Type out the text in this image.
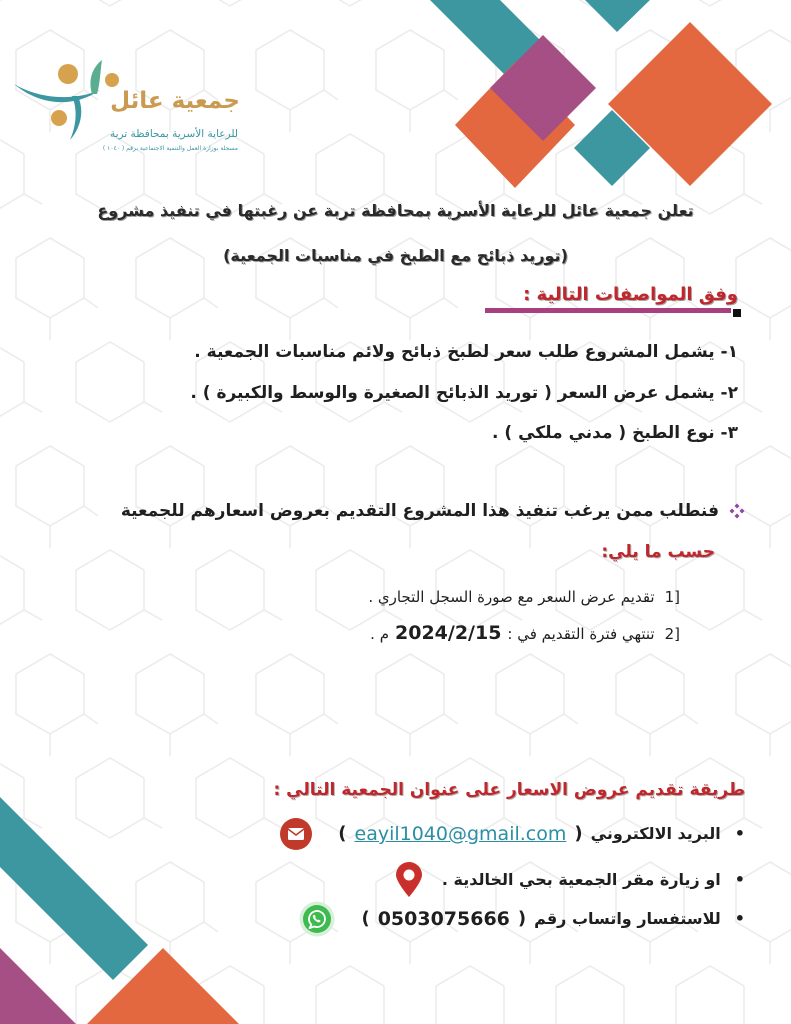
جمعية عائل
للرعاية الأسرية بمحافظة تربة
مسجلة بوزارة العمل والتنمية الاجتماعية برقم ( ١٠٤٠ )
تعلن جمعية عائل للرعاية الأسرية بمحافظة تربة عن رغبتها في تنفيذ مشروع
(توريد ذبائح مع الطبخ في مناسبات الجمعية)
وفق المواصفات التالية :
١- يشمل المشروع طلب سعر لطبخ ذبائح ولائم مناسبات الجمعية .
٢- يشمل عرض السعر ( توريد الذبائح الصغيرة والوسط والكبيرة ) .
٣- نوع الطبخ ( مدني ملكي ) .
فنطلب ممن يرغب تنفيذ هذا المشروع التقديم بعروض اسعارهم للجمعية
حسب ما يلي:
1]
تقديم عرض السعر مع صورة السجل التجاري .
2]
تنتهي فترة التقديم في :
2024/2/15
م .
طريقة تقديم عروض الاسعار على عنوان الجمعية التالي :
•
البريد الالكتروني
(
eayil1040@gmail.com
)
•
او زيارة مقر الجمعية بحي الخالدية .
•
للاستفسار واتساب رقم
(
0503075666
)
